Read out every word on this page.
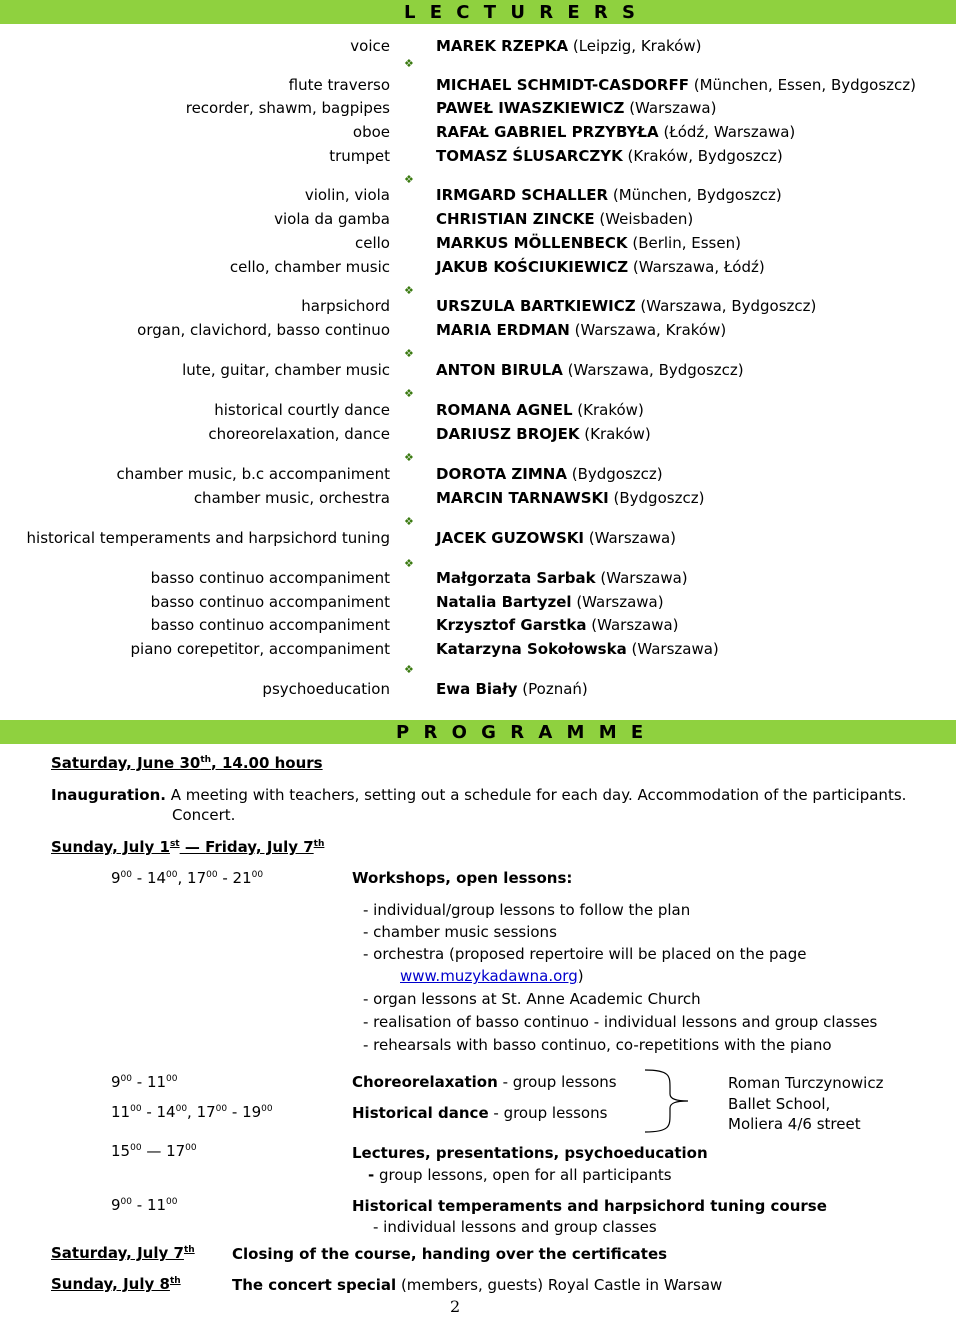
L E C T U R E R S
voice	MAREK RZEPKA (Leipzig, Kraków)
flute traverso	MICHAEL SCHMIDT-CASDORFF (München, Essen, Bydgoszcz)
recorder, shawm, bagpipes	PAWEŁ IWASZKIEWICZ (Warszawa)
oboe	RAFAŁ GABRIEL PRZYBYŁA (Łódź, Warszawa)
trumpet	TOMASZ ŚLUSARCZYK (Kraków, Bydgoszcz)
violin, viola	IRMGARD SCHALLER (München, Bydgoszcz)
viola da gamba	CHRISTIAN ZINCKE (Weisbaden)
cello	MARKUS MÖLLENBECK (Berlin, Essen)
cello, chamber music	JAKUB KOŚCIUKIEWICZ (Warszawa, Łódź)
harpsichord	URSZULA BARTKIEWICZ (Warszawa, Bydgoszcz)
organ, clavichord, basso continuo	MARIA ERDMAN (Warszawa, Kraków)
lute, guitar, chamber music	ANTON BIRULA (Warszawa, Bydgoszcz)
historical courtly dance	ROMANA AGNEL (Kraków)
choreorelaxation, dance	DARIUSZ BROJEK (Kraków)
chamber music, b.c accompaniment	DOROTA ZIMNA (Bydgoszcz)
chamber music, orchestra	MARCIN TARNAWSKI (Bydgoszcz)
historical temperaments and harpsichord tuning	JACEK GUZOWSKI (Warszawa)
basso continuo accompaniment	Małgorzata Sarbak (Warszawa)
basso continuo accompaniment	Natalia Bartyzel (Warszawa)
basso continuo accompaniment	Krzysztof Garstka (Warszawa)
piano corepetitor, accompaniment	Katarzyna Sokołowska (Warszawa)
psychoeducation	Ewa Biały (Poznań)
❖
❖
❖
❖
❖
❖
❖
❖
❖
P R O G R A M M E
Saturday, June 30th, 14.00 hours
Inauguration. A meeting with teachers, setting out a schedule for each day. Accommodation of the participants.
Concert.
Sunday, July 1st — Friday, July 7th
$9^{00} - 14^{00}$, $17^{00} - 21^{00}$	Workshops, open lessons:
- individual/group lessons to follow the plan
- chamber music sessions
- orchestra (proposed repertoire will be placed on the page
www.muzykadawna.org)
- organ lessons at St. Anne Academic Church
- realisation of basso continuo - individual lessons and group classes
- rehearsals with basso continuo, co-repetitions with the piano
$9^{00} - 11^{00}$	Choreorelaxation - group lessons
$11^{00} - 14^{00}$, $17^{00} - 19^{00}$	Historical dance - group lessons
Roman Turczynowicz
Ballet School,
Moliera 4/6 street
$15^{00}$ — $17^{00}$	Lectures, presentations, psychoeducation
- group lessons, open for all participants
$9^{00} - 11^{00}$	Historical temperaments and harpsichord tuning course
- individual lessons and group classes
Saturday, July 7th Closing of the course, handing over the certificates
Sunday, July 8th	The concert special (members, guests) Royal Castle in Warsaw
2
